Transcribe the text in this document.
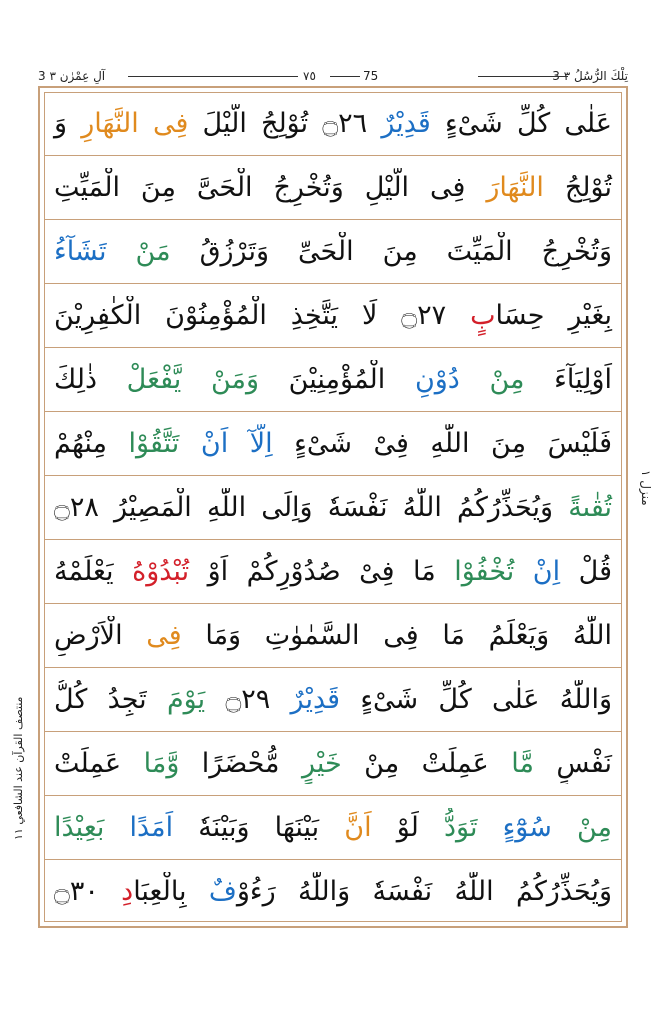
3 تِلْكَ الرُّسُلُ ٣
75
٧٥
3 آلِ عِمْرٰن ٣
عَلٰى كُلِّ شَىْءٍ قَدِيْرٌ ۝٢٦ تُوْلِجُ الَّيْلَ فِى النَّهَارِ وَ
تُوْلِجُ النَّهَارَ فِى الَّيْلِ وَتُخْرِجُ الْحَىَّ مِنَ الْمَيِّتِ
وَتُخْرِجُ الْمَيِّتَ مِنَ الْحَىِّ وَتَرْزُقُ مَنْ تَشَآءُ
بِغَيْرِ حِسَابٍ ۝٢٧ لَا يَتَّخِذِ الْمُؤْمِنُوْنَ الْكٰفِرِيْنَ
اَوْلِيَآءَ مِنْ دُوْنِ الْمُؤْمِنِيْنَ وَمَنْ يَّفْعَلْ ذٰلِكَ
فَلَيْسَ مِنَ اللّٰهِ فِىْ شَىْءٍ اِلَّآ اَنْ تَتَّقُوْا مِنْهُمْ
تُقٰىةً وَيُحَذِّرُكُمُ اللّٰهُ نَفْسَهٗ وَاِلَى اللّٰهِ الْمَصِيْرُ ۝٢٨
قُلْ اِنْ تُخْفُوْا مَا فِىْ صُدُوْرِكُمْ اَوْ تُبْدُوْهُ يَعْلَمْهُ
اللّٰهُ وَيَعْلَمُ مَا فِى السَّمٰوٰتِ وَمَا فِى الْاَرْضِ
وَاللّٰهُ عَلٰى كُلِّ شَىْءٍ قَدِيْرٌ ۝٢٩ يَوْمَ تَجِدُ كُلُّ
نَفْسٍ مَّا عَمِلَتْ مِنْ خَيْرٍ مُّحْضَرًا وَّمَا عَمِلَتْ
مِنْ سُوْٓءٍ تَوَدُّ لَوْ اَنَّ بَيْنَهَا وَبَيْنَهٗ اَمَدًا بَعِيْدًا
وَيُحَذِّرُكُمُ اللّٰهُ نَفْسَهٗ وَاللّٰهُ رَءُوْفٌ بِالْعِبَادِ ۝٣٠
منزل ١
منتصف القرآن عند الشافعي ١١
